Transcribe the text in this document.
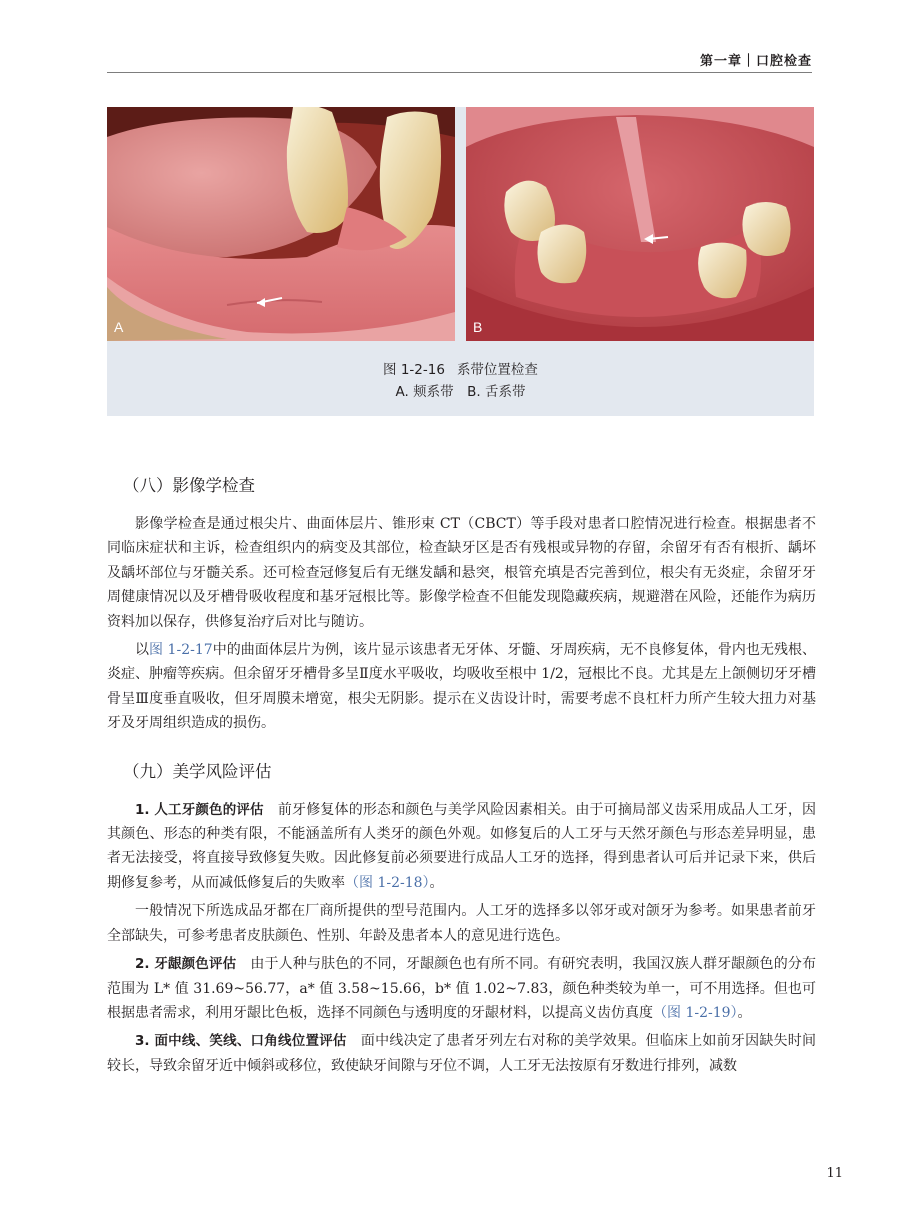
第一章｜口腔检查
A	B
图 1-2-16 系带位置检查
A. 颊系带　B. 舌系带
（八）影像学检查

影像学检查是通过根尖片、曲面体层片、锥形束 CT（CBCT）等手段对患者口腔情况进行检查。根据患者不同临床症状和主诉，检查组织内的病变及其部位，检查缺牙区是否有残根或异物的存留，余留牙有否有根折、龋坏及龋坏部位与牙髓关系。还可检查冠修复后有无继发龋和悬突，根管充填是否完善到位，根尖有无炎症，余留牙牙周健康情况以及牙槽骨吸收程度和基牙冠根比等。影像学检查不但能发现隐藏疾病，规避潜在风险，还能作为病历资料加以保存，供修复治疗后对比与随访。

以图 1-2-17中的曲面体层片为例，该片显示该患者无牙体、牙髓、牙周疾病，无不良修复体，骨内也无残根、炎症、肿瘤等疾病。但余留牙牙槽骨多呈Ⅱ度水平吸收，均吸收至根中 1/2，冠根比不良。尤其是左上颌侧切牙牙槽骨呈Ⅲ度垂直吸收，但牙周膜未增宽，根尖无阴影。提示在义齿设计时，需要考虑不良杠杆力所产生较大扭力对基牙及牙周组织造成的损伤。

（九）美学风险评估

1. 人工牙颜色的评估　前牙修复体的形态和颜色与美学风险因素相关。由于可摘局部义齿采用成品人工牙，因其颜色、形态的种类有限，不能涵盖所有人类牙的颜色外观。如修复后的人工牙与天然牙颜色与形态差异明显，患者无法接受，将直接导致修复失败。因此修复前必须要进行成品人工牙的选择，得到患者认可后并记录下来，供后期修复参考，从而减低修复后的失败率（图 1-2-18）。

一般情况下所选成品牙都在厂商所提供的型号范围内。人工牙的选择多以邻牙或对颌牙为参考。如果患者前牙全部缺失，可参考患者皮肤颜色、性别、年龄及患者本人的意见进行选色。

2. 牙龈颜色评估　由于人种与肤色的不同，牙龈颜色也有所不同。有研究表明，我国汉族人群牙龈颜色的分布范围为 L* 值 31.69~56.77，a* 值 3.58~15.66，b* 值 1.02~7.83，颜色种类较为单一，可不用选择。但也可根据患者需求，利用牙龈比色板，选择不同颜色与透明度的牙龈材料，以提高义齿仿真度（图 1-2-19）。

3. 面中线、笑线、口角线位置评估　面中线决定了患者牙列左右对称的美学效果。但临床上如前牙因缺失时间较长，导致余留牙近中倾斜或移位，致使缺牙间隙与牙位不调，人工牙无法按原有牙数进行排列，减数

11
